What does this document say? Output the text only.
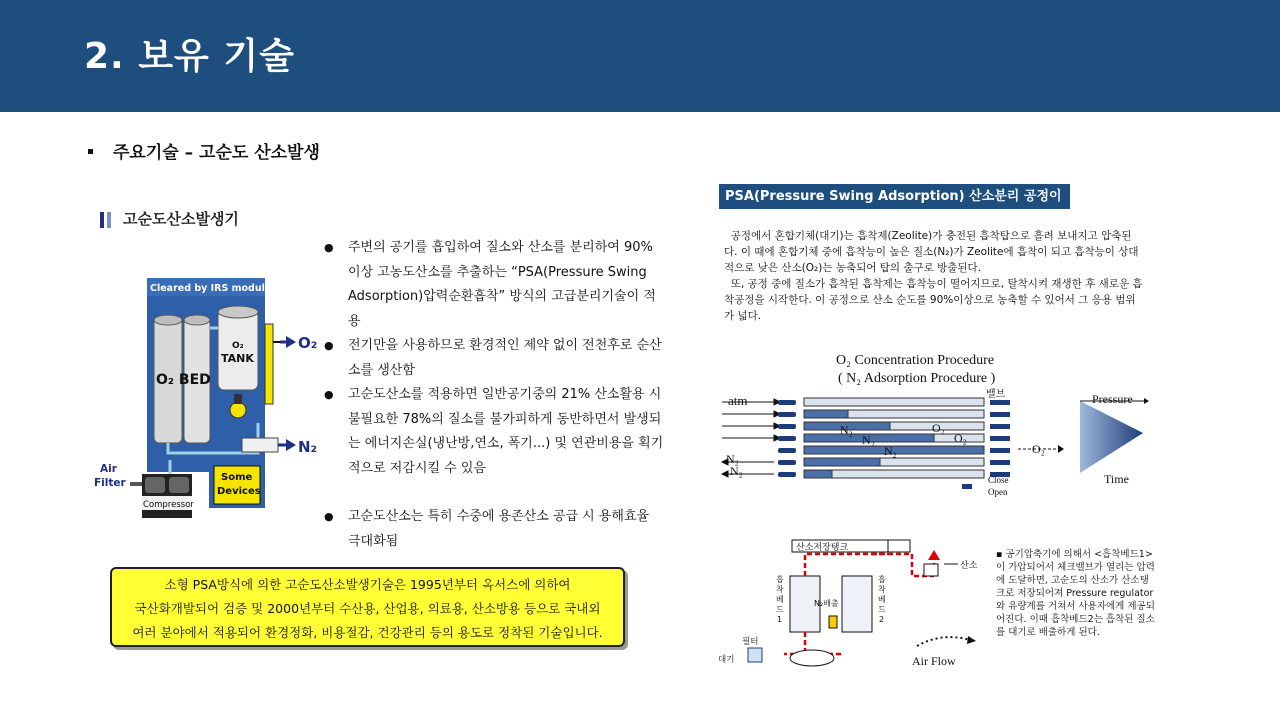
2. 보유 기술
주요기술 – 고순도 산소발생
고순도산소발생기
Cleared by IRS module
O₂ BED
O₂
TANK
O₂
N₂
Some
Devices
Compressor
Air
Filter
● 주변의 공기를 흡입하여 질소와 산소를 분리하여 90% 이상 고농도산소를 추출하는 “PSA(Pressure Swing Adsorption)압력순환흡착” 방식의 고급분리기술이 적용
● 전기만을 사용하므로 환경적인 제약 없이 전천후로 순산소를 생산함
● 고순도산소를 적용하면 일반공기중의 21% 산소활용 시 불필요한 78%의 질소를 불가피하게 동반하면서 발생되는 에너지손실(냉난방,연소, 폭기...) 및 연관비용을 획기적으로 저감시킬 수 있음
● 고순도산소는 특히 수중에 용존산소 공급 시 용해효율 극대화됨
소형 PSA방식에 의한 고순도산소발생기술은 1995년부터 옥서스에 의하여
국산화개발되어 검증 및 2000년부터 수산용, 산업용, 의료용, 산소방용 등으로 국내외
여러 분야에서 적용되어 환경정화, 비용절감, 건강관리 등의 용도로 정착된 기술입니다.
PSA(Pressure Swing Adsorption) 산소분리 공정이란?
공정에서 혼합기체(대기)는 흡착제(Zeolite)가 충전된 흡착탑으로 흘려 보내지고 압축된다. 이 때에 혼합기체 중에 흡착능이 높은 질소(N₂)가 Zeolite에 흡착이 되고 흡착능이 상대적으로 낮은 산소(O₂)는 농축되어 탑의 출구로 방출된다.
또, 공정 중에 질소가 흡착된 흡착제는 흡착능이 떨어지므로, 탈착시켜 재생한 후 새로운 흡착공정을 시작한다. 이 공정으로 산소 순도를 90%이상으로 농축할 수 있어서 그 응용 범위가 넓다.
O₂ Concentration Procedure
( N₂ Adsorption Procedure )
atm
N₂
N₂
N₂
N₂
N₂
O₂
O₂
밸브
O₂
Close
Open
Pressure
Time
산소저장탱크
흡
착
베
드
1
흡
착
베
드
2
N₂배출
산소
필터
대기	Air Flow
▪ 공기압축기에 의해서 <흡착베드1>이 가압되어서 체크밸브가 열리는 압력에 도달하면, 고순도의 산소가 산소탱크로 저장되어져 Pressure regulator와 유량계를 거쳐서 사용자에게 제공되어진다. 이때 흡착베드2는 흡착된 질소를 대기로 배출하게 된다.
